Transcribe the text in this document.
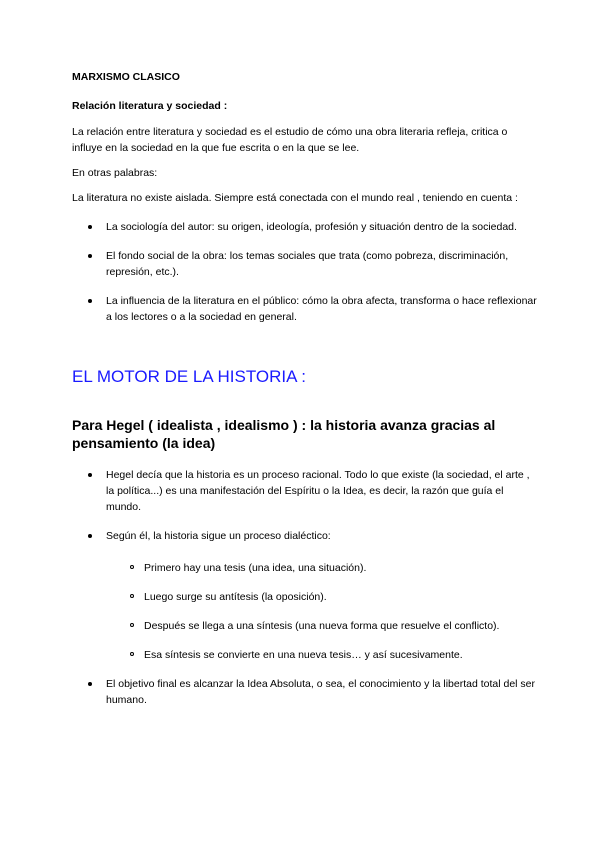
MARXISMO CLASICO
Relación literatura y sociedad :

La relación entre literatura y sociedad es el estudio de cómo una obra literaria refleja, critica o influye en la sociedad en la que fue escrita o en la que se lee.

En otras palabras:

La literatura no existe aislada. Siempre está conectada con el mundo real , teniendo en cuenta :

La sociología del autor: su origen, ideología, profesión y situación dentro de la sociedad.
El fondo social de la obra: los temas sociales que trata (como pobreza, discriminación, represión, etc.).
La influencia de la literatura en el público: cómo la obra afecta, transforma o hace reflexionar a los lectores o a la sociedad en general.
EL MOTOR DE LA HISTORIA :
Para Hegel ( idealista , idealismo ) : la historia avanza gracias al pensamiento (la idea)
Hegel decía que la historia es un proceso racional. Todo lo que existe (la sociedad, el arte , la política...) es una manifestación del Espíritu o la Idea, es decir, la razón que guía el mundo.
Según él, la historia sigue un proceso dialéctico:
Primero hay una tesis (una idea, una situación).
Luego surge su antítesis (la oposición).
Después se llega a una síntesis (una nueva forma que resuelve el conflicto).
Esa síntesis se convierte en una nueva tesis… y así sucesivamente.
El objetivo final es alcanzar la Idea Absoluta, o sea, el conocimiento y la libertad total del ser humano.
